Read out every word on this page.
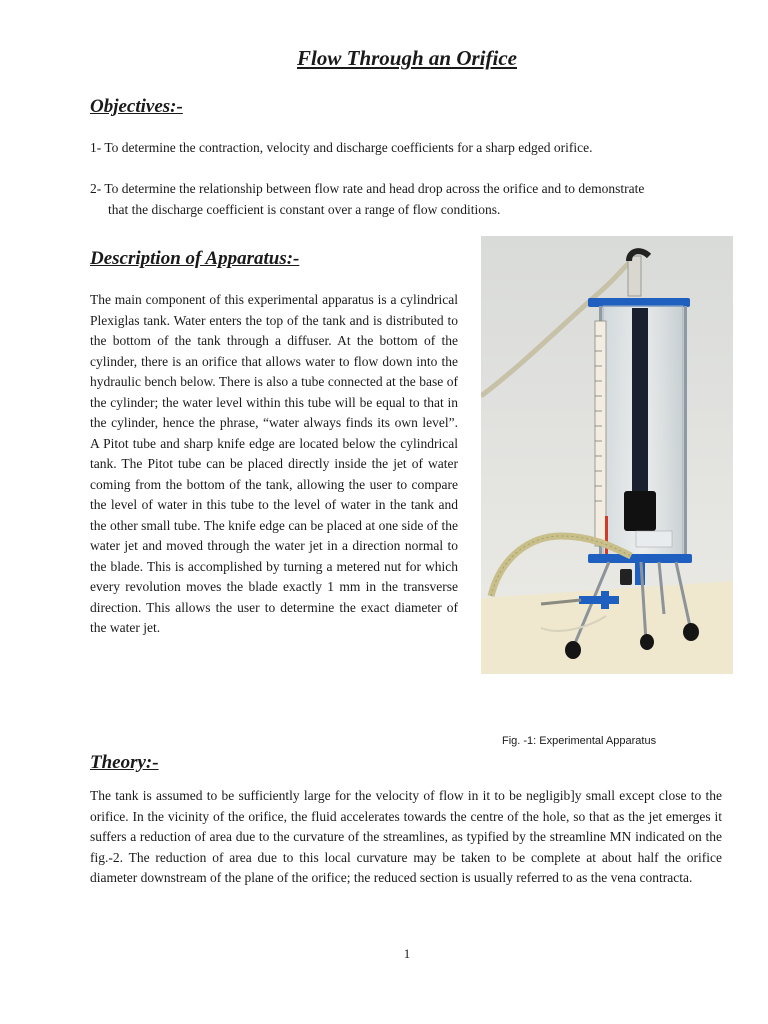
Flow Through an Orifice
Objectives:-
1- To determine the contraction, velocity and discharge coefficients for a sharp edged orifice.
2- To determine the relationship between flow rate and head drop across the orifice and to demonstrate
that the discharge coefficient is constant over a range of flow conditions.
Description of Apparatus:-
The main component of this experimental apparatus is a cylindrical Plexiglas tank. Water enters the top of the tank and is distributed to the bottom of the tank through a diffuser. At the bottom of the cylinder, there is an orifice that allows water to flow down into the hydraulic bench below. There is also a tube connected at the base of the cylinder; the water level within this tube will be equal to that in the cylinder, hence the phrase, “water always finds its own level”. A Pitot tube and sharp knife edge are located below the cylindrical tank. The Pitot tube can be placed directly inside the jet of water coming from the bottom of the tank, allowing the user to compare the level of water in this tube to the level of water in the tank and the other small tube. The knife edge can be placed at one side of the water jet and moved through the water jet in a direction normal to the blade. This is accomplished by turning a metered nut for which every revolution moves the blade exactly 1 mm in the transverse direction. This allows the user to determine the exact diameter of the water jet.
Fig. -1: Experimental Apparatus
Theory:-
The tank is assumed to be sufficiently large for the velocity of flow in it to be negligib]y small except close to the orifice. In the vicinity of the orifice, the fluid accelerates towards the centre of the hole, so that as the jet emerges it suffers a reduction of area due to the curvature of the streamlines, as typified by the streamline MN indicated on the fig.-2. The reduction of area due to this local curvature may be taken to be complete at about half the orifice diameter downstream of the plane of the orifice; the reduced section is usually referred to as the vena contracta.
1
